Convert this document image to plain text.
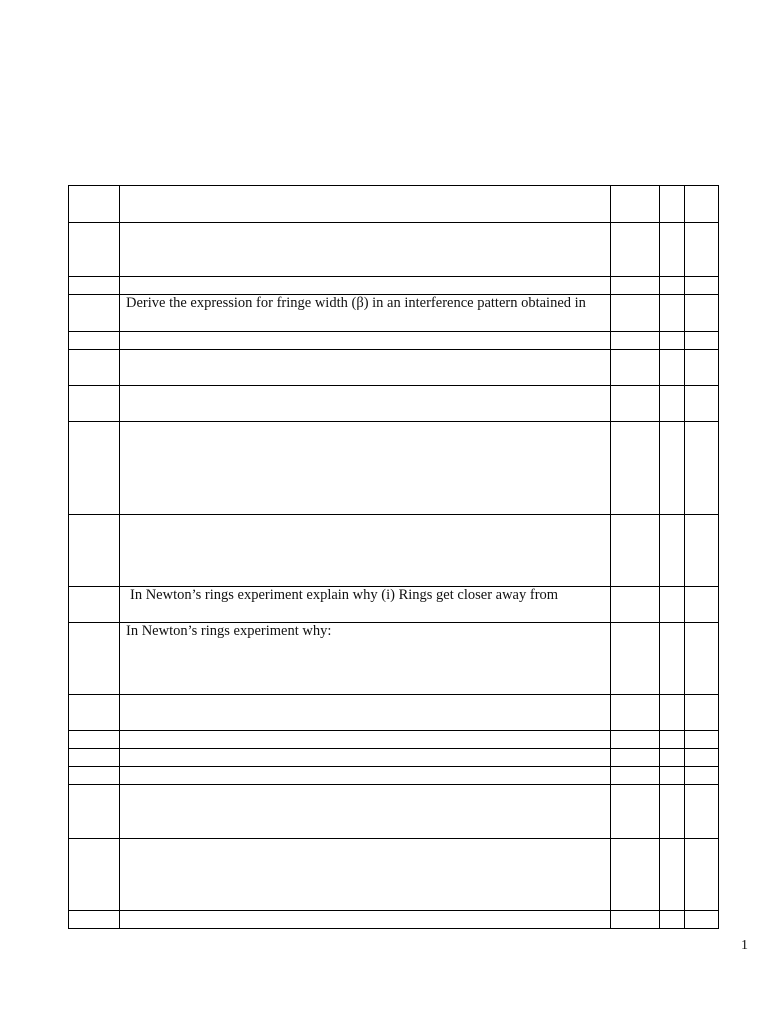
	Derive the expression for fringe width (β) in an interference pattern obtained in			

	In Newton’s rings experiment explain why (i) Rings get closer away from			

	In Newton’s rings experiment why:			

1
